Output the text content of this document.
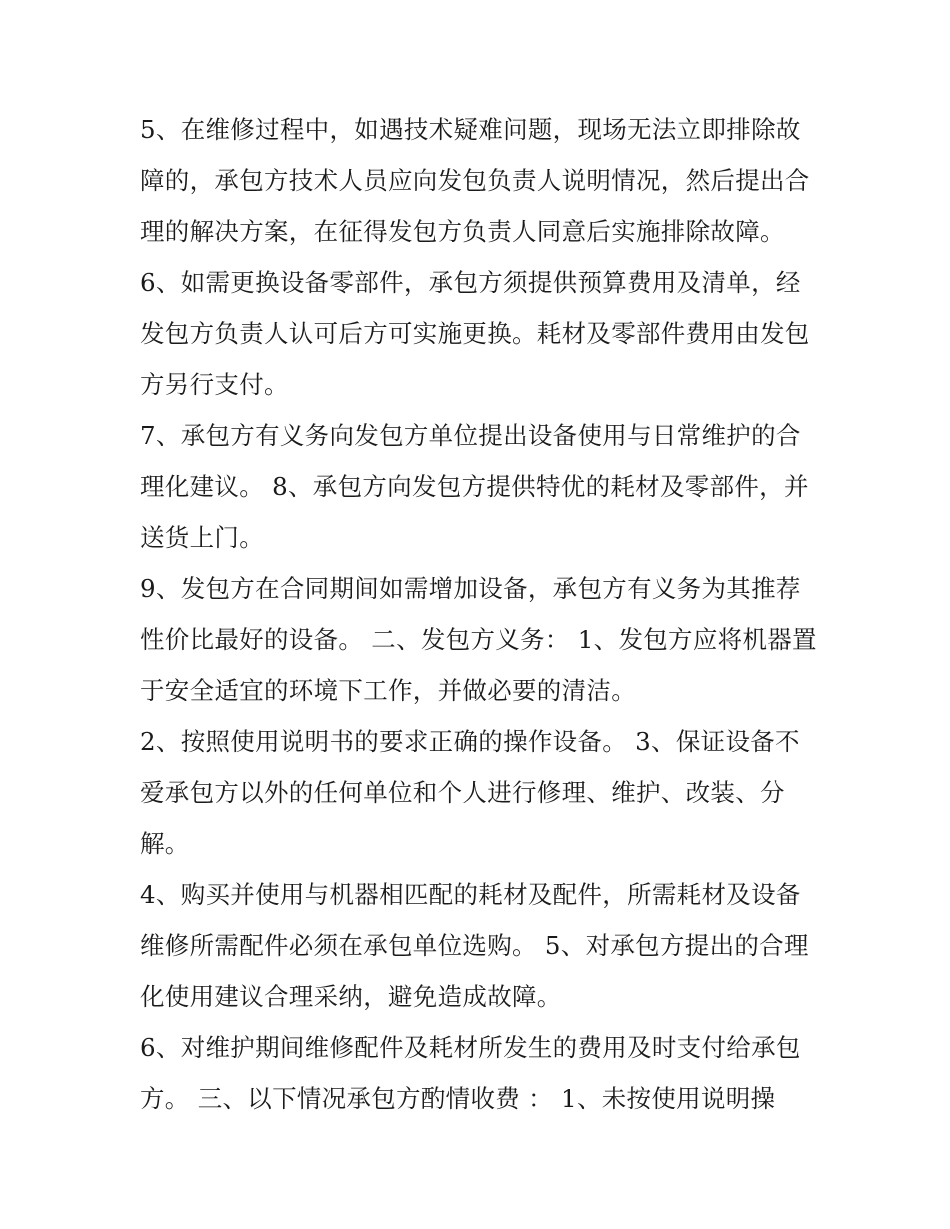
5、在维修过程中，如遇技术疑难问题，现场无法立即排除故
障的，承包方技术人员应向发包负责人说明情况，然后提出合
理的解决方案，在征得发包方负责人同意后实施排除故障。
6、如需更换设备零部件，承包方须提供预算费用及清单，经
发包方负责人认可后方可实施更换。耗材及零部件费用由发包
方另行支付。
7、承包方有义务向发包方单位提出设备使用与日常维护的合
理化建议。 8、承包方向发包方提供特优的耗材及零部件，并
送货上门。
9、发包方在合同期间如需增加设备，承包方有义务为其推荐
性价比最好的设备。 二、发包方义务： 1、发包方应将机器置
于安全适宜的环境下工作，并做必要的清洁。
2、按照使用说明书的要求正确的操作设备。 3、保证设备不
爱承包方以外的任何单位和个人进行修理、维护、改装、分
解。
4、购买并使用与机器相匹配的耗材及配件，所需耗材及设备
维修所需配件必须在承包单位选购。 5、对承包方提出的合理
化使用建议合理采纳，避免造成故障。
6、对维护期间维修配件及耗材所发生的费用及时支付给承包
方。 三、以下情况承包方酌情收费 ： 1、未按使用说明操
